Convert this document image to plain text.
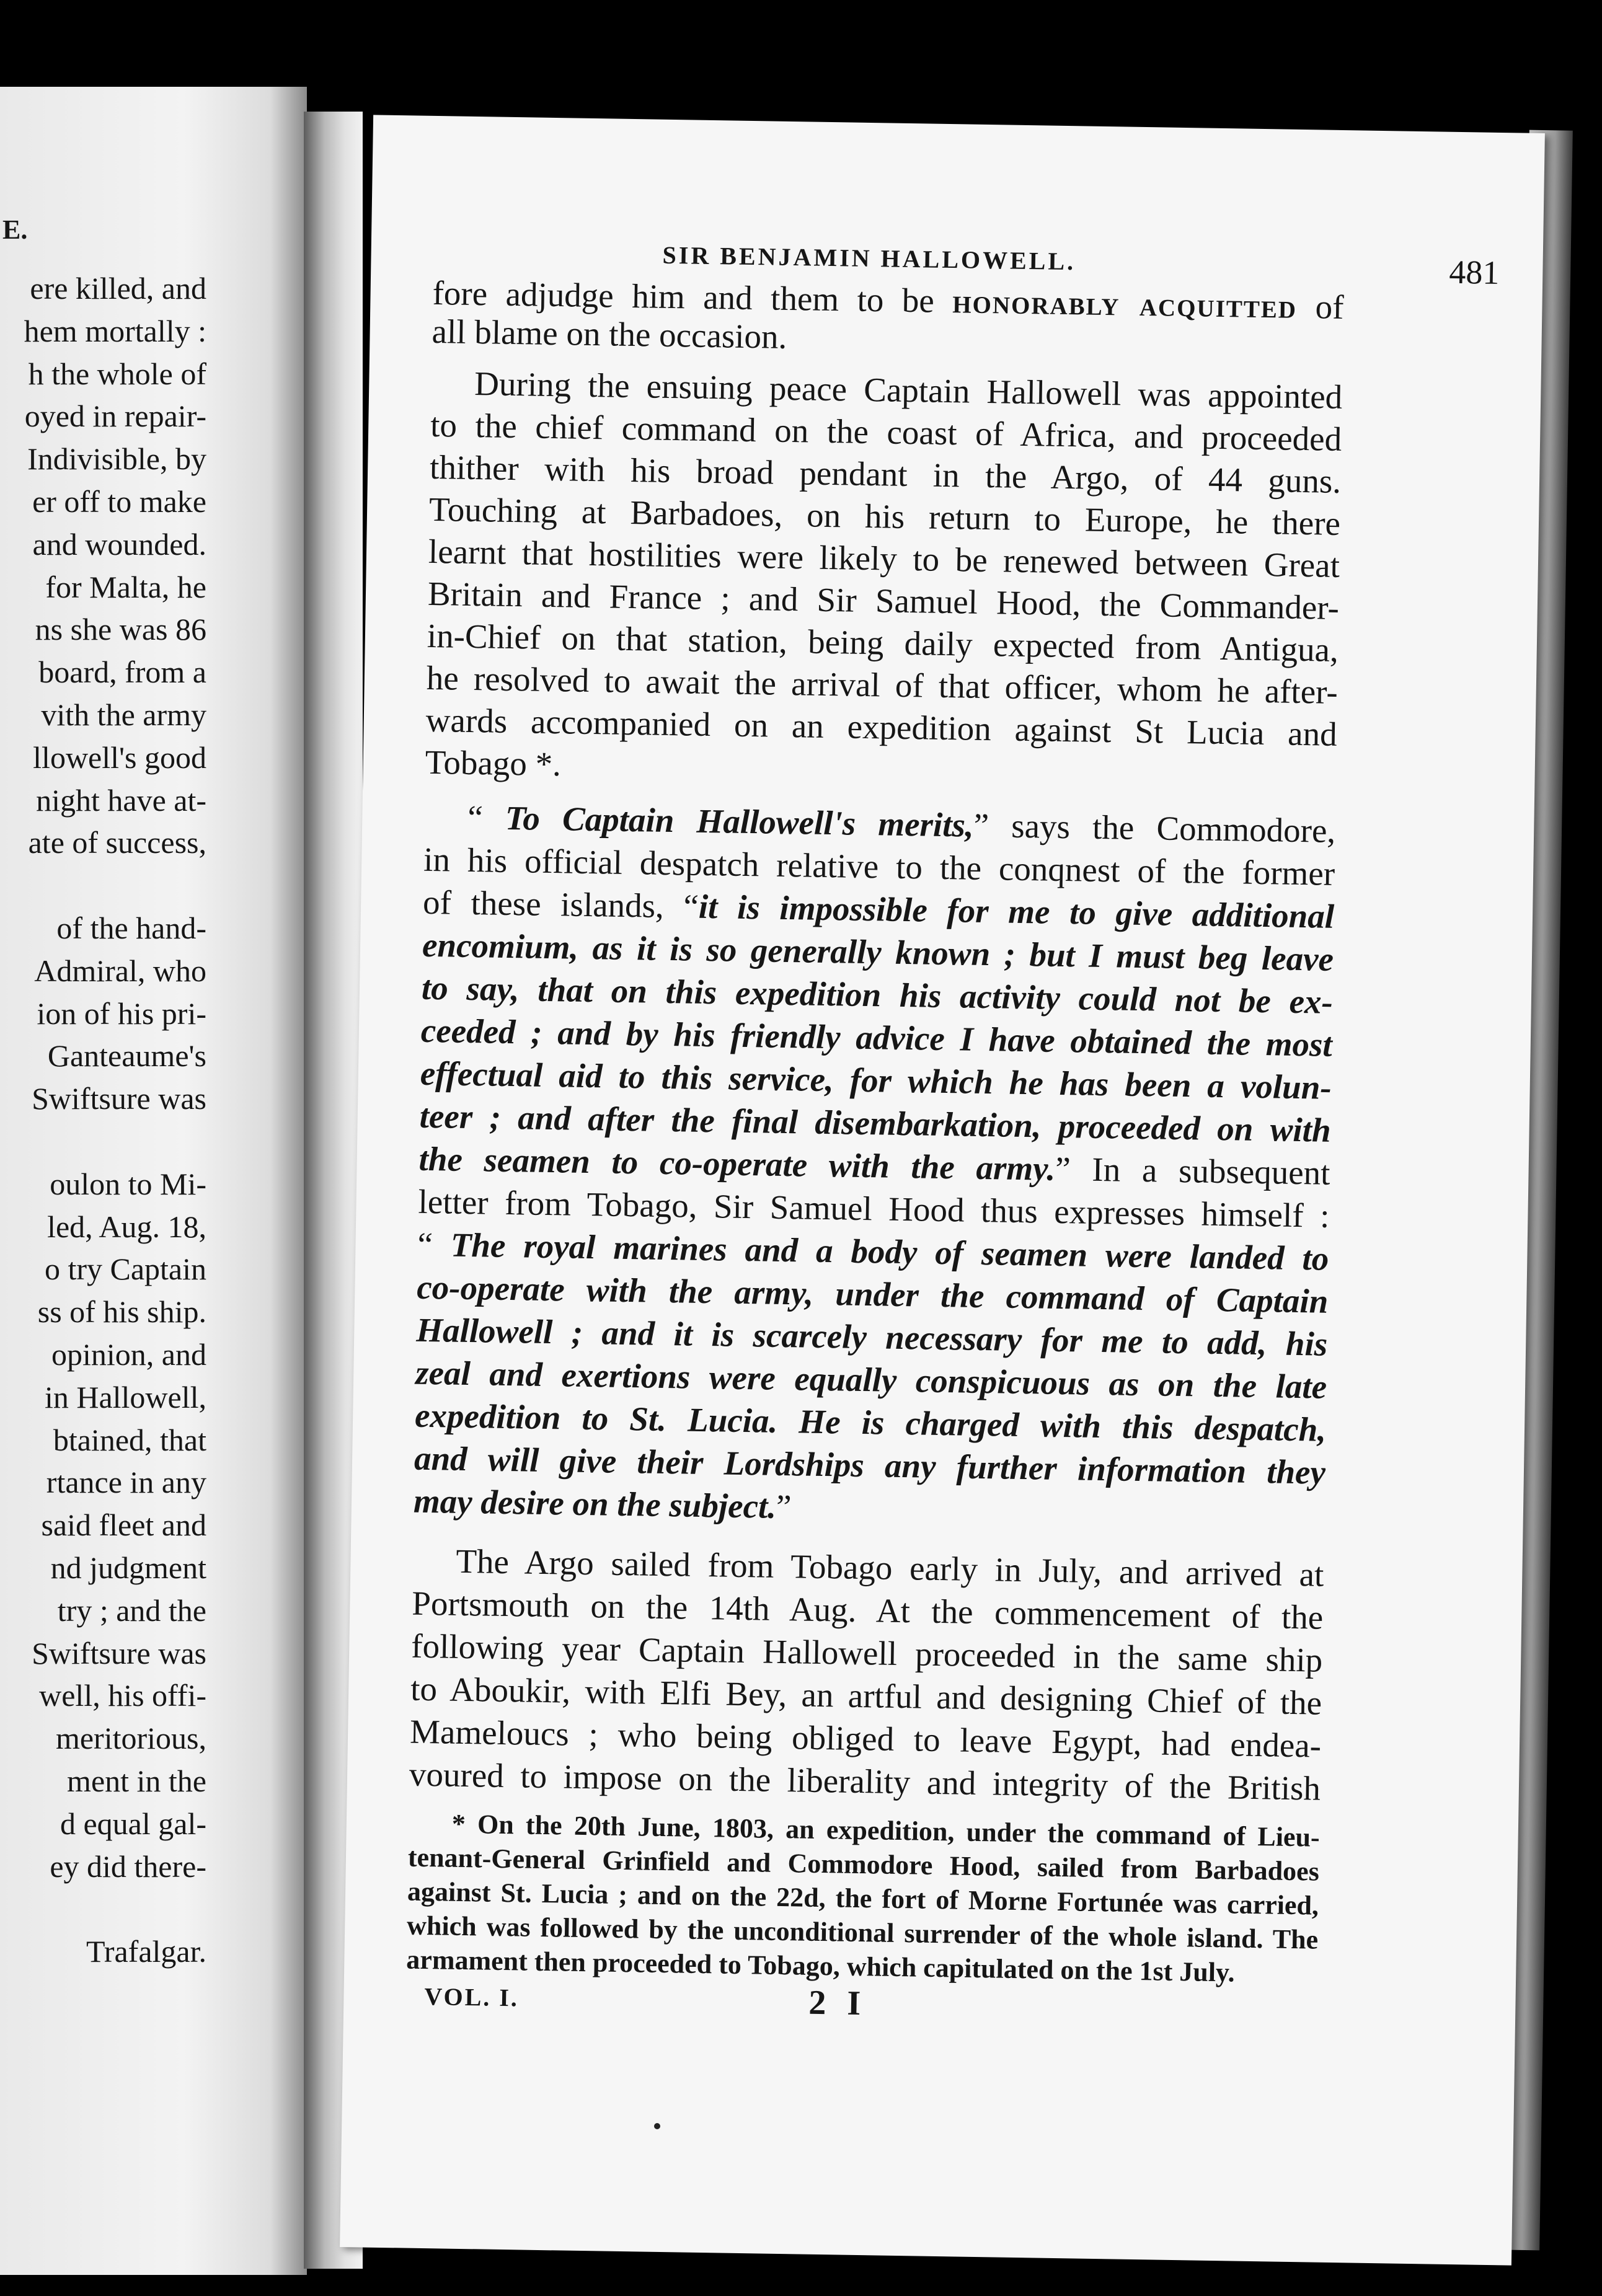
E.
ere killed, and
hem mortally :
h the whole of
oyed in repair-
Indivisible, by
er off to make
and wounded.
for Malta, he
ns she was 86
board, from a
vith the army
llowell's good
night have at-
ate of success,
of the hand-
Admiral, who
ion of his pri-
Ganteaume's
Swiftsure was
oulon to Mi-
led, Aug. 18,
o try Captain
ss of his ship.
opinion, and
in Hallowell,
btained, that
rtance in any
said fleet and
nd judgment
try ; and the
Swiftsure was
well, his offi-
meritorious,
ment in the
d equal gal-
ey did there-
Trafalgar.
SIR BENJAMIN HALLOWELL.	481
fore adjudge him and them to be honorably acquitted of
all blame on the occasion.
During the ensuing peace Captain Hallowell was appointed
to the chief command on the coast of Africa, and proceeded
thither with his broad pendant in the Argo, of 44 guns.
Touching at Barbadoes, on his return to Europe, he there
learnt that hostilities were likely to be renewed between Great
Britain and France ; and Sir Samuel Hood, the Commander-
in-Chief on that station, being daily expected from Antigua,
he resolved to await the arrival of that officer, whom he after-
wards accompanied on an expedition against St Lucia and
Tobago *.
“ To Captain Hallowell's merits,” says the Commodore,
in his official despatch relative to the conqnest of the former
of these islands, “it is impossible for me to give additional
encomium, as it is so generally known ; but I must beg leave
to say, that on this expedition his activity could not be ex-
ceeded ; and by his friendly advice I have obtained the most
effectual aid to this service, for which he has been a volun-
teer ; and after the final disembarkation, proceeded on with
the seamen to co-operate with the army.” In a subsequent
letter from Tobago, Sir Samuel Hood thus expresses himself :
“ The royal marines and a body of seamen were landed to
co-operate with the army, under the command of Captain
Hallowell ; and it is scarcely necessary for me to add, his
zeal and exertions were equally conspicuous as on the late
expedition to St. Lucia. He is charged with this despatch,
and will give their Lordships any further information they
may desire on the subject.”
The Argo sailed from Tobago early in July, and arrived at
Portsmouth on the 14th Aug. At the commencement of the
following year Captain Hallowell proceeded in the same ship
to Aboukir, with Elfi Bey, an artful and designing Chief of the
Mameloucs ; who being obliged to leave Egypt, had endea-
voured to impose on the liberality and integrity of the British
* On the 20th June, 1803, an expedition, under the command of Lieu-
tenant-General Grinfield and Commodore Hood, sailed from Barbadoes
against St. Lucia ; and on the 22d, the fort of Morne Fortunée was carried,
which was followed by the unconditional surrender of the whole island. The
armament then proceeded to Tobago, which capitulated on the 1st July.
VOL. I.	2 I
